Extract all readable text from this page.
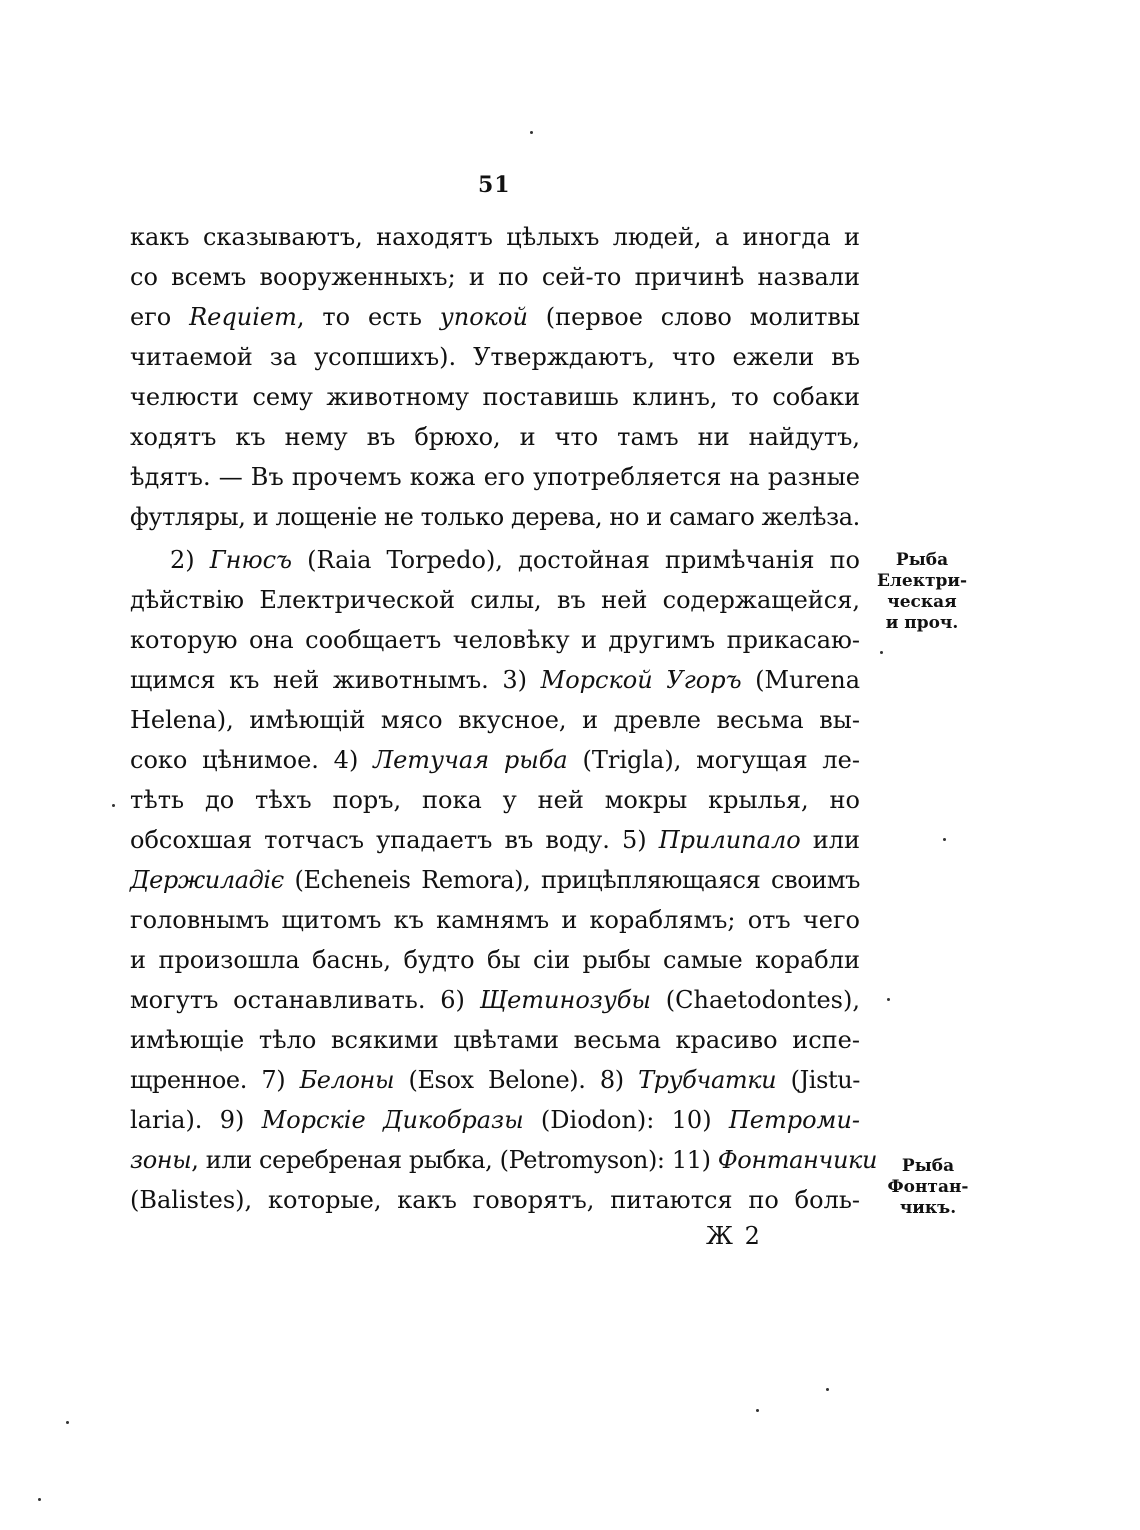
51
какъ сказываютъ, находятъ цѣлыхъ людей, а иногда и
со всемъ вооруженныхъ; и по сей-то причинѣ назвали
его Requiem, то есть упокой (первое слово молитвы
читаемой за усопшихъ). Утверждаютъ, что ежели въ
челюсти сему животному поставишь клинъ, то собаки
ходятъ къ нему въ брюхо, и что тамъ ни найдутъ,
ѣдятъ. — Въ прочемъ кожа его употребляется на разные
футляры, и лощеніе не только дерева, но и самаго желѣза.
2) Гнюсъ (Raia Torpedo), достойная примѣчанія по
дѣйствію Електрической силы, въ ней содержащейся,
которую она сообщаетъ человѣку и другимъ прикасаю-
щимся къ ней животнымъ. 3) Морской Угоръ (Murena
Helena), имѣющій мясо вкусное, и древле весьма вы-
соко цѣнимое. 4) Летучая рыба (Trigla), могущая ле-
тѣть до тѣхъ поръ, пока у ней мокры крылья, но
обсохшая тотчасъ упадаетъ въ воду. 5) Прилипало или
Держиладіє (Echeneis Remora), прицѣпляющаяся своимъ
головнымъ щитомъ къ камнямъ и кораблямъ; отъ чего
и произошла баснь, будто бы сіи рыбы самые корабли
могутъ останавливать. 6) Щетинозубы (Chaetodontes),
имѣющіе тѣло всякими цвѣтами весьма красиво испе-
щренное. 7) Белоны (Esox Belone). 8) Трубчатки (Jistu-
laria). 9) Морскіе Дикобразы (Diodon): 10) Петроми-
зоны, или серебреная рыбка, (Petromyson): 11) Фонтанчики
(Balistes), которые, какъ говорятъ, питаются по боль-
Ж 2
Рыба
Електри-
ческая
и проч.
Рыба
Фонтан-
чикъ.
